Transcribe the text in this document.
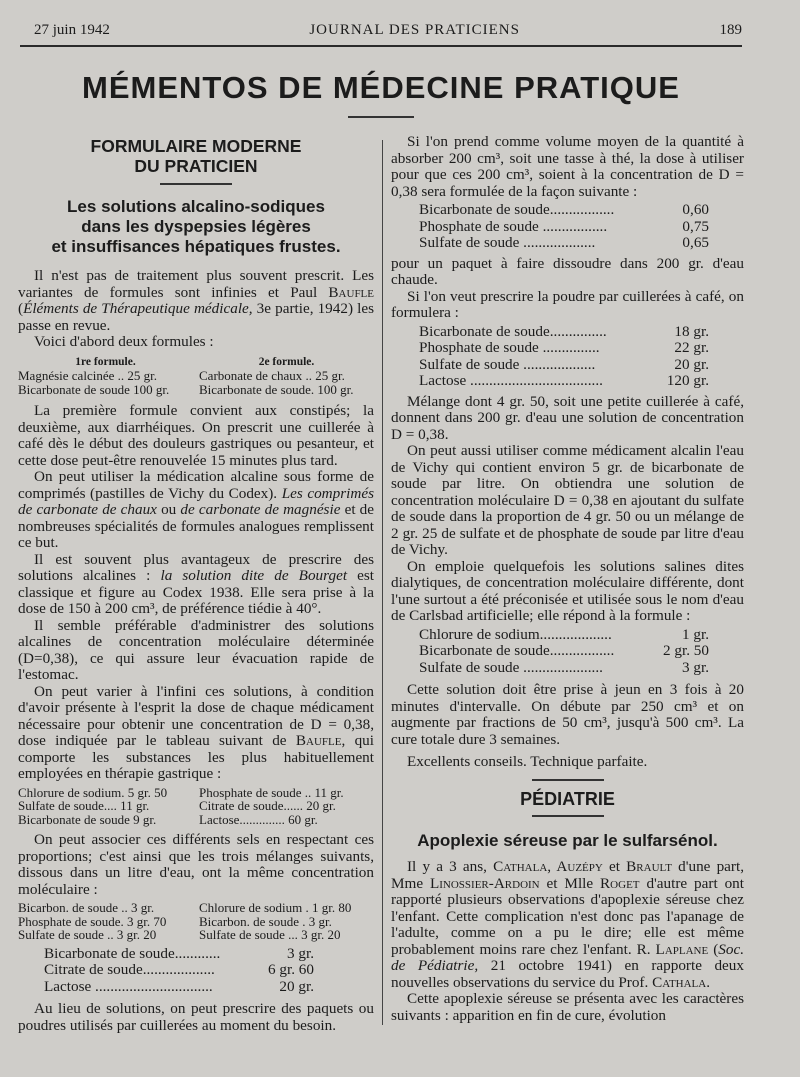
27 juin 1942	JOURNAL DES PRATICIENS	189
MÉMENTOS DE MÉDECINE PRATIQUE
FORMULAIRE MODERNE
DU PRATICIEN
Les solutions alcalino-sodiques
dans les dyspepsies légères
et insuffisances hépatiques frustes.

Il n'est pas de traitement plus souvent prescrit. Les variantes de formules sont infinies et Paul Baufle (Éléments de Thérapeutique médicale, 3e partie, 1942) les passe en revue.

Voici d'abord deux formules :

1re formule.	2e formule.
Magnésie calcinée .. 25 gr.	Carbonate de chaux .. 25 gr.
Bicarbonate de soude 100 gr.	Bicarbonate de soude. 100 gr.

La première formule convient aux constipés; la deuxième, aux diarrhéiques. On prescrit une cuillerée à café dès le début des douleurs gastriques ou pesanteur, et cette dose peut-être renouvelée 15 minutes plus tard.

On peut utiliser la médication alcaline sous forme de comprimés (pastilles de Vichy du Codex). Les comprimés de carbonate de chaux ou de carbonate de magnésie et de nombreuses spécialités de formules analogues remplissent ce but.

Il est souvent plus avantageux de prescrire des solutions alcalines : la solution dite de Bourget est classique et figure au Codex 1938. Elle sera prise à la dose de 150 à 200 cm³, de préférence tiédie à 40°.

Il semble préférable d'administrer des solutions alcalines de concentration moléculaire déterminée (D=0,38), ce qui assure leur évacuation rapide de l'estomac.

On peut varier à l'infini ces solutions, à condition d'avoir présente à l'esprit la dose de chaque médicament nécessaire pour obtenir une concentration de D = 0,38, dose indiquée par le tableau suivant de Baufle, qui comporte les substances les plus habituellement employées en thérapie gastrique :

Chlorure de sodium. 5 gr. 50	Phosphate de soude .. 11 gr.
Sulfate de soude.... 11 gr.	Citrate de soude...... 20 gr.
Bicarbonate de soude 9 gr.	Lactose.............. 60 gr.

On peut associer ces différents sels en respectant ces proportions; c'est ainsi que les trois mélanges suivants, dissous dans un litre d'eau, ont la même concentration moléculaire :

Bicarbon. de soude .. 3 gr.	Chlorure de sodium . 1 gr. 80
Phosphate de soude. 3 gr. 70	Bicarbon. de soude . 3 gr.
Sulfate de soude .. 3 gr. 20	Sulfate de soude ... 3 gr. 20
Bicarbonate de soude............	3 gr.
Citrate de soude...................	6 gr. 60
Lactose ...............................	20 gr.

Au lieu de solutions, on peut prescrire des paquets ou poudres utilisés par cuillerées au moment du besoin.

Si l'on prend comme volume moyen de la quantité à absorber 200 cm³, soit une tasse à thé, la dose à utiliser pour que ces 200 cm³, soient à la concentration de D = 0,38 sera formulée de la façon suivante :

Bicarbonate de soude.................	0,60
Phosphate de soude .................	0,75
Sulfate de soude ...................	0,65

pour un paquet à faire dissoudre dans 200 gr. d'eau chaude.

Si l'on veut prescrire la poudre par cuillerées à café, on formulera :

Bicarbonate de soude...............	18 gr.
Phosphate de soude ...............	22 gr.
Sulfate de soude ...................	20 gr.
Lactose ...................................	120 gr.

Mélange dont 4 gr. 50, soit une petite cuillerée à café, donnent dans 200 gr. d'eau une solution de concentration D = 0,38.

On peut aussi utiliser comme médicament alcalin l'eau de Vichy qui contient environ 5 gr. de bicarbonate de soude par litre. On obtiendra une solution de concentration moléculaire D = 0,38 en ajoutant du sulfate de soude dans la proportion de 4 gr. 50 ou un mélange de 2 gr. 25 de sulfate et de phosphate de soude par litre d'eau de Vichy.

On emploie quelquefois les solutions salines dites dialytiques, de concentration moléculaire différente, dont l'une surtout a été préconisée et utilisée sous le nom d'eau de Carlsbad artificielle; elle répond à la formule :

Chlorure de sodium...................	1 gr.
Bicarbonate de soude.................	2 gr. 50
Sulfate de soude .....................	3 gr.

Cette solution doit être prise à jeun en 3 fois à 20 minutes d'intervalle. On débute par 250 cm³ et on augmente par fractions de 50 cm³, jusqu'à 500 cm³. La cure totale dure 3 semaines.

Excellents conseils. Technique parfaite.

PÉDIATRIE
Apoplexie séreuse par le sulfarsénol.

Il y a 3 ans, Cathala, Auzépy et Brault d'une part, Mme Linossier-Ardoin et Mlle Roget d'autre part ont rapporté plusieurs observations d'apoplexie séreuse chez l'enfant. Cette complication n'est donc pas l'apanage de l'adulte, comme on a pu le dire; elle est même probablement moins rare chez l'enfant. R. Laplane (Soc. de Pédiatrie, 21 octobre 1941) en rapporte deux nouvelles observations du service du Prof. Cathala.

Cette apoplexie séreuse se présenta avec les caractères suivants : apparition en fin de cure, évolution
